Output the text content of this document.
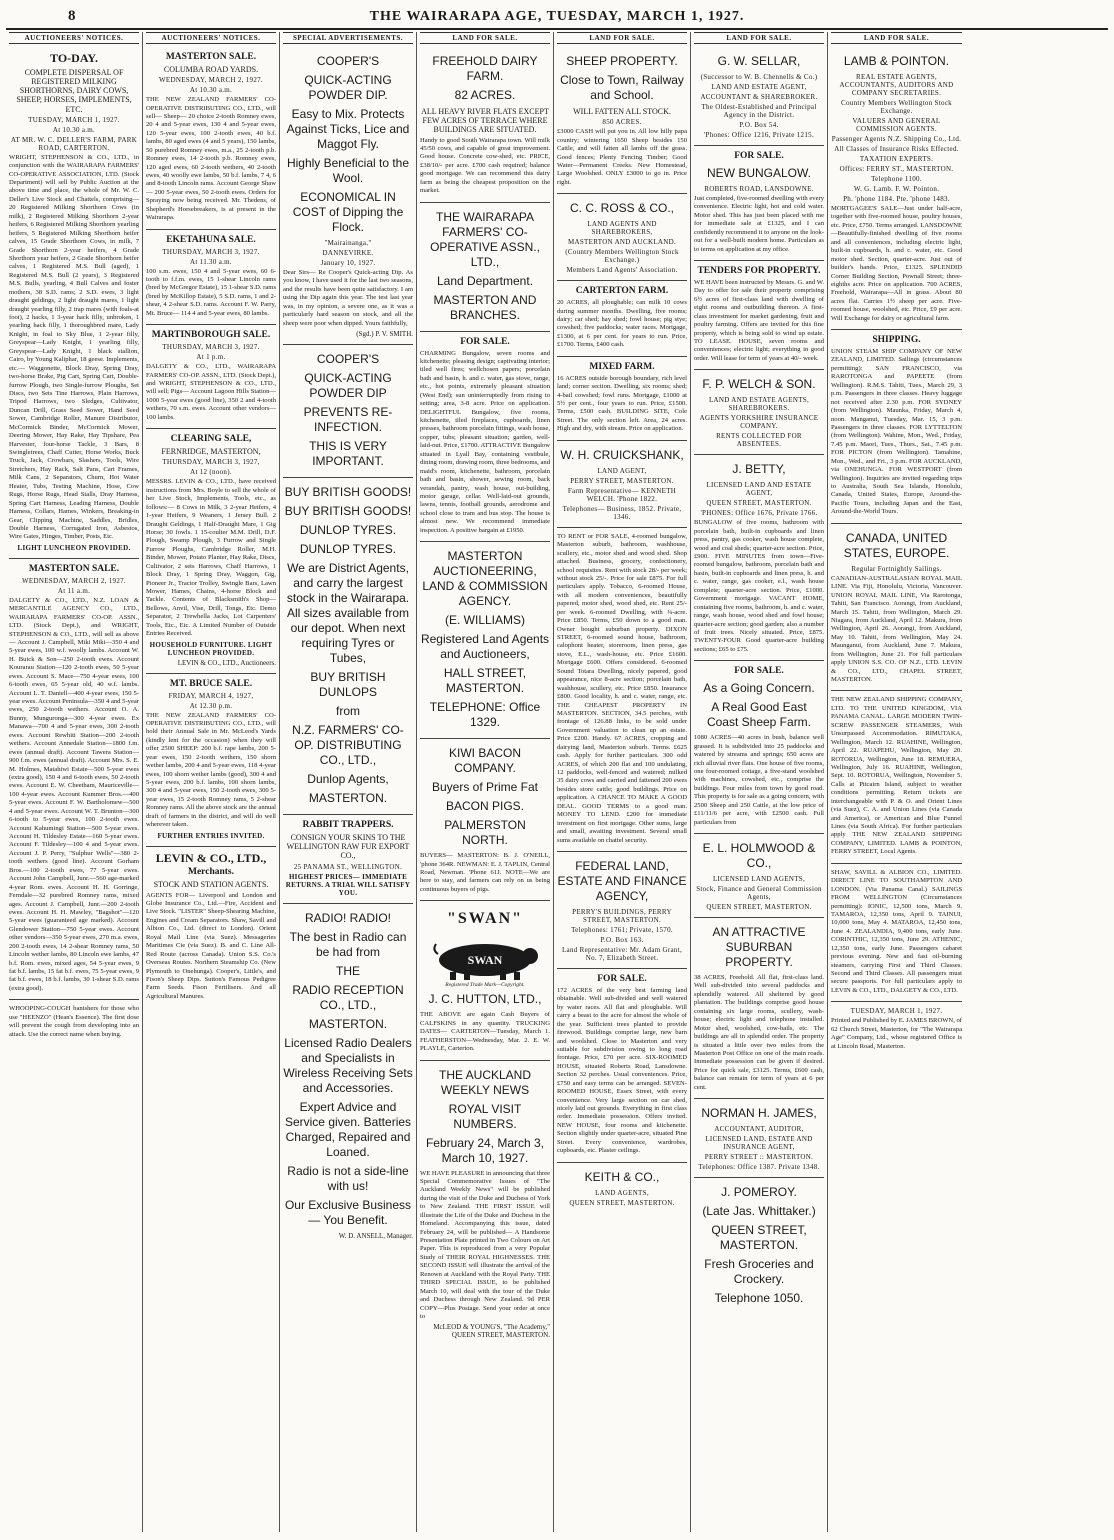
8	THE WAIRARAPA AGE, TUESDAY, MARCH 1, 1927.
AUCTIONEERS' NOTICES.
TO-DAY.
COMPLETE DISPERSAL OF REGISTERED MILKING SHORTHORNS, DAIRY COWS, SHEEP, HORSES, IMPLEMENTS, ETC.
TUESDAY, MARCH 1, 1927.
At 10.30 a.m.
AT MR. W. C. DELLER'S FARM, PARK ROAD, CARTERTON.
WRIGHT, STEPHENSON & CO., LTD., in conjunction with the WAIRARAPA FARMERS' CO-OPERATIVE ASSOCIATION, LTD. (Stock Department) will sell by Public Auction at the above time and place, the whole of Mr. W. C. Deller's Live Stock and Chattels, comprising— 20 Registered Milking Shorthorn Cows (in milk), 2 Registered Milking Shorthorn 2-year heifers, 6 Registered Milking Shorthorn yearling heifers, 5 Registered Milking Shorthorn heifer calves, 15 Grade Shorthorn Cows, in milk, 7 Grade Shorthorn 2-year heifers, 4 Grade Shorthorn year heifers, 2 Grade Shorthorn heifer calves, 1 Registered M.S. Bull (aged), 1 Registered M.S. Bull (2 years), 3 Registered M.S. Bulls, yearling, 4 Bull Calves and foster mothers, 38 S.D. rams; 2 S.D. ewes, 3 light draught geldings, 2 light draught mares, 1 light draught yearling filly, 2 trap mares (with foals-at foot), 2 hacks, 1 3-year hack filly, unbroken, 1 yearling hack filly, 1 thoroughbred mare, Lady Knight, in foal to Sky Blue, 1 2-year filly, Greyspear—Lady Knight, 1 yearling filly, Greyspear—Lady Knight, 1 black stallion, Cairo, by Young Kaliphar, 18 geese. Implements, etc.— Waggonette, Block Dray, Spring Dray, two-horse Brake, Pig Cart, Spring Cart, Double-furrow Plough, two Single-furrow Ploughs, Set Discs, two Sets Tine Harrows, Plain Harrows, Tripod Harrows, two Sledges, Cultivator, Duncan Drill, Grass Seed Sower, Hand Seed Sower, Cambridge Roller, Manure Distributor, McCormick Binder, McCormick Mower, Deering Mower, Hay Rake, Hay Tipshare, Pea Harvester, four-horse Tackle, 3 Bars, 8 Swingletrees, Chaff Cutter, Horse Works, Buck Truck, Jack, Crowbars, Slashers, Tools, Wire Stretchers, Hay Rack, Salt Pans, Cart Frames, Milk Cans, 2 Separators, Churn, Hot Water Heater, Tubs, Testing Machine, Hose, Cow Rugs, Horse Rugs, Head Stalls, Dray Harness, Spring Cart Harness, Leading Harness, Double Harness, Collars, Hames, Winkers, Breaking-in Gear, Clipping Machine, Saddles, Bridles, Double Harness, Corrugated Iron, Asbestos, Wire Gates, Hinges, Timber, Posts, Etc.
LIGHT LUNCHEON PROVIDED.
MASTERTON SALE.
WEDNESDAY, MARCH 2, 1927.
At 11 a.m.
DALGETY & CO., LTD., N.Z. LOAN & MERCANTILE AGENCY CO., LTD., WAIRARAPA FARMERS' CO-OP. ASSN., LTD. (Stock Dept.), and WRIGHT, STEPHENSON & CO., LTD., will sell as above— Account J. Campbell, Miki Miki—350 4 and 5-year ewes, 100 w.f. woolly lambs. Account W. H. Buick & Son—250 2-tooth ewes. Account Kourarau Station—120 2-tooth ewes, 50 5-year ewes. Account S. Mace—750 4-year ewes, 100 6-tooth ewes, 65 5-year old, 40 w.f. lambs. Account L. T. Daniell—400 4-year ewes, 150 5-year ewes. Account Peninsula—350 4 and 5-year ewes, 250 2-tooth wethers. Account O. A. Bunny, Munguronga—300 4-year ewes. Ex Manawa—700 4 and 5-year ewes, 300 2-tooth ewes. Account Rewhiti Station—200 2-tooth wethers. Account Annedale Station—1800 f.m. ewes (annual draft). Account Tawera Station—900 f.m. ewes (annual draft). Account Mrs. S. E. M. Holmes, Matahiwi Estate—500 5-year ewes (extra good), 150 4 and 6-tooth ewes, 50 2-tooth ewes. Account E. W. Cheetham, Mauriceville—100 4-year ewes. Account Kummer Bros.—400 5-year ewes. Account F. W. Bartholomew—500 4 and 5-year ewes. Account W. T. Brunton—300 6-tooth to 5-year ewes, 100 2-tooth ewes. Account Kahumingi Station—500 5-year ewes. Account H. Tildesley Estate—160 5-year ewes. Account F. Tildesley—100 4 and 5-year ewes. Account J. P. Perry, "Sulphur Wells"—380 2-tooth wethers (good line). Account Gorham Bros.—100 2-tooth ewes, 77 5-year ewes. Account John Campbell, Junr.—560 age-marked 4-year Rom. ewes. Account H. H. Gorringe, Ferndale—32 purebred Romney rams, mixed ages. Account J. Campbell, Junr.—200 2-tooth ewes. Account H. H. Mawley, "Bagshot"—120 5-year ewes (guaranteed age marked). Account Glendower Station—750 5-year ewes. Account other vendors—350 5-year ewes, 270 m.a. ewes, 200 2-tooth ewes, 14 2-shear Romney rams, 50 Lincoln wether lambs, 80 Lincoln ewe lambs, 47 b.f. Rom. ewes, mixed ages, 54 5-year ewes, 9 fat b.f. lambs, 15 fat b.f. ewes, 75 5-year ewes, 9 fat b.f. ewes, 18 b.f. lambs, 30 1-shear S.D. rams (extra good).
WHOOPING-COUGH banishers for those who use "HEENZO" (Hean's Essence). The first dose will prevent the cough from developing into an attack. Use the correct name when buying.
AUCTIONEERS' NOTICES.
MASTERTON SALE.
COLUMBA ROAD YARDS.
WEDNESDAY, MARCH 2, 1927.
At 10.30 a.m.
THE NEW ZEALAND FARMERS' CO-OPERATIVE DISTRIBUTING CO., LTD., will sell— Sheep— 20 choice 2-tooth Romney ewes, 20 4 and 5-year ewes, 130 4 and 5-year ewes, 120 5-year ewes, 100 2-tooth ewes, 40 b.f. lambs, 80 aged ewes (4 and 5 years), 150 lambs, 50 purebred Romney ewes, m.a., 25 2-tooth p.b. Romney ewes, 14 2-tooth p.b. Romney ewes, 120 aged ewes, 60 2-tooth wethers, 40 2-tooth ewes, 40 woolly ewe lambs, 50 b.f. lambs, 7 4, 6 and 8-tooth Lincoln rams. Account George Shaw— 200 5-year ewes, 50 2-tooth ewes. Orders for Spraying now being received. Mr. Thedens, of Shepherd's Horsebreakers, is at present in the Wairarapa.
EKETAHUNA SALE.
THURSDAY, MARCH 3, 1927.
At 11.30 a.m.
100 s.m. ewes, 150 4 and 5-year ewes, 60 6-tooth to f.f.m. ewes, 15 1-shear Lincoln rams (bred by McGregor Estate), 15 1-shear S.D. rams (bred by McKillop Estate), 5 S.D. rams, 1 and 2-shear, 4 2-shear S.D. rams. Account F. W. Parry, Mt. Bruce— 114 4 and 5-year ewes, 80 lambs.
MARTINBOROUGH SALE.
THURSDAY, MARCH 3, 1927.
At 1 p.m.
DALGETY & CO., LTD., WAIRARAPA FARMERS' CO-OP. ASSN., LTD. (Stock Dept.), and WRIGHT, STEPHENSON & CO., LTD., will sell; Pigs— Account Lagoon Hills Station— 1000 5-year ewes (good line), 350 2 and 4-tooth wethers, 70 s.m. ewes. Account other vendors— 100 lambs.
CLEARING SALE,
FERNRIDGE, MASTERTON,
THURSDAY, MARCH 3, 1927,
At 12 (noon).
MESSRS. LEVIN & CO., LTD., have received instructions from Mrs. Boyle to sell the whole of her Live Stock, Implements, Tools, etc., as follows:— 8 Cows in Milk, 3 2-year Heifers, 4 1-year Heifers, 9 Weaners, 1 Jersey Bull. 2 Draught Geldings, 1 Half-Draught Mare, 1 Gig Horse; 30 fowls. 1 15-coulter M.M. Drill, D.F. Plough, Swamp Plough, 3 Furrow and Single Furrow Ploughs, Cambridge Roller, M.H. Binder, Mower, Potato Planter, Hay Rake, Discs, Cultivator, 2 sets Harrows, Chaff Harrows, 1 Block Dray, 1 Spring Dray, Waggon, Gig, Pioneer Jr., Tractor Trolley, Swingle Bars, Lawn Mower, Hames, Chains, 4-horse Block and Tackle. Contents of Blacksmith's Shop—Bellows, Anvil, Vise, Drill, Tongs, Etc. Demo Separator, 2 Trewhella Jacks, Lot Carpenters' Tools, Etc., Etc. A Limited Number of Outside Entries Received.
HOUSEHOLD FURNITURE. LIGHT LUNCHEON PROVIDED.
LEVIN & CO., LTD., Auctioneers.
MT. BRUCE SALE.
FRIDAY, MARCH 4, 1927,
At 12.30 p.m.
THE NEW ZEALAND FARMERS' CO-OPERATIVE DISTRIBUTING CO., LTD., will hold their Annual Sale in Mr. McLeod's Yards (kindly lent for the occasion) when they will offer 2500 SHEEP: 200 b.f. rape lambs, 200 5-year ewes, 150 2-tooth wethers, 150 shorn wether lambs, 200 4 and 5-year ewes, 118 4-year ewes, 100 shorn wether lambs (good), 300 4 and 5-year ewes, 200 b.f. lambs, 100 shorn lambs, 300 4 and 5-year ewes, 150 2-tooth ewes, 300 5-year ewes, 15 2-tooth Romney rams, 5 2-shear Romney rams. All the above stock are the annual draft of farmers in the district, and will do well wherever taken.
FURTHER ENTRIES INVITED.
LEVIN & CO., LTD.,
Merchants.
STOCK AND STATION AGENTS.
AGENTS FOR— Liverpool and London and Globe Insurance Co., Ltd.—Fire, Accident and Live Stock. "LISTER" Sheep-Shearing Machine, Engines and Cream Separators. Shaw, Savill and Albion Co., Ltd. (direct to London). Orient Royal Mail Line (via Suez). Messageries Maritimes Cie (via Suez). B. and C. Line All-Red Route (across Canada). Union S.S. Co.'s Overseas Routes. Northern Steamship Co. (New Plymouth to Onehunga). Cooper's, Little's, and Fison's Sheep Dips. Sutton's Famous Pedigree Farm Seeds. Fison Fertilisers. And all Agricultural Manures.
SPECIAL ADVERTISEMENTS.
COOPER'S
QUICK-ACTING POWDER DIP.
Easy to Mix. Protects Against Ticks, Lice and Maggot Fly.
Highly Beneficial to the Wool.
ECONOMICAL IN COST of Dipping the Flock.
"Mairainanga,"
DANNEVIRKE.
January 10, 1927.
Dear Sirs— Re Cooper's Quick-acting Dip. As you know, I have used it for the last two seasons, and the results have been quite satisfactory. I am using the Dip again this year. The test last year was, in my opinion, a severe one, as it was a particularly hard season on stock, and all the sheep were poor when dipped. Yours faithfully,
(Sgd.) P. V. SMITH.
COOPER'S
QUICK-ACTING POWDER DIP
PREVENTS RE-INFECTION.
THIS IS VERY IMPORTANT.
BUY BRITISH GOODS!
BUY BRITISH GOODS!
DUNLOP TYRES.
DUNLOP TYRES.
We are District Agents, and carry the largest stock in the Wairarapa. All sizes available from our depot. When next requiring Tyres or Tubes,
BUY BRITISH DUNLOPS
from
N.Z. FARMERS' CO-OP. DISTRIBUTING CO., LTD.,
Dunlop Agents,
MASTERTON.
RABBIT TRAPPERS.
CONSIGN YOUR SKINS TO THE WELLINGTON RAW FUR EXPORT CO.,
25 PANAMA ST., WELLINGTON.
HIGHEST PRICES— IMMEDIATE RETURNS. A TRIAL WILL SATISFY YOU.
RADIO! RADIO!
The best in Radio can be had from
THE
RADIO RECEPTION CO., LTD.,
MASTERTON.
Licensed Radio Dealers and Specialists in Wireless Receiving Sets and Accessories.
Expert Advice and Service given. Batteries Charged, Repaired and Loaned.
Radio is not a side-line with us!
Our Exclusive Business— You Benefit.
W. D. ANSELL, Manager.
LAND FOR SALE.
FREEHOLD DAIRY FARM.
82 ACRES.
ALL HEAVY RIVER FLATS EXCEPT FEW ACRES OF TERRACE WHERE BUILDINGS ARE SITUATED.
Handy to good South Wairarapa town. Will milk 45/50 cows, and capable of great improvement. Good house. Concrete cow-shed, etc. PRICE, £38/10/- per acre. £700 cash required; balance good mortgage. We can recommend this dairy farm as being the cheapest proposition on the market.
THE WAIRARAPA FARMERS' CO-OPERATIVE ASSN., LTD.,
Land Department.
MASTERTON AND BRANCHES.
FOR SALE.
CHARMING Bungalow, seven rooms and kitchenette; pleasing design; captivating interior; tiled well fires; wellchosen papers; porcelain bath and basin, h. and c. water, gas stove, range, etc., hot points, extremely pleasant situation (West End); sun uninterruptedly from rising to setting; area, 3-8 acre. Price on application. DELIGHTFUL Bungalow, five rooms, kitchenette, tiled fireplaces, cupboards, linen presses, bathroom porcelain fittings, wash house, copper, tubs; pleasant situation; garden, well-laid-out. Price, £1700. ATTRACTIVE Bungalow situated in Lyall Bay, containing vestibule, dining room, drawing room, three bedrooms, and maid's room, kitchenette, bathroom, porcelain bath and basin, shower, sewing room, back verandah, pantry, wash house, out-building, motor garage, cellar. Well-laid-out grounds, lawns, tennis, football grounds, aerodrome and school close to tram and bus stop. The house is almost new. We recommend immediate inspection. A positive bargain at £1950.
MASTERTON AUCTIONEERING, LAND & COMMISSION AGENCY.
(E. WILLIAMS)
Registered Land Agents and Auctioneers,
HALL STREET, MASTERTON.
TELEPHONE: Office 1329.
KIWI BACON COMPANY.
Buyers of Prime Fat
BACON PIGS.
PALMERSTON NORTH.
BUYERS— MASTERTON: B. J. O'NEILL, 'phone 364R. NEWMAN: E. J. TAPLIN, Central Road, Newman. 'Phone 61J. NOTE—We are here to stay, and farmers can rely on us being continuous buyers of pigs.
"SWAN"
Registered Trade Mark—Copyright.
J. C. HUTTON, LTD.,
THE ABOVE are again Cash Buyers of CALFSKINS in any quantity. TRUCKING DATES— CARTERTON—Tuesday, March 1. FEATHERSTON—Wednesday, Mar. 2. E. W. PLAYLE, Carterton.
THE AUCKLAND WEEKLY NEWS
ROYAL VISIT NUMBERS.
February 24, March 3, March 10, 1927.
WE HAVE PLEASURE in announcing that three Special Commemorative Issues of "The Auckland Weekly News" will be published during the visit of the Duke and Duchess of York to New Zealand. THE FIRST ISSUE will illustrate the Life of the Duke and Duchess in the Homeland. Accompanying this issue, dated February 24, will be published— A Handsome Presentation Plate printed in Two Colours on Art Paper. This is reproduced from a very Popular Study of THEIR ROYAL HIGHNESSES. THE SECOND ISSUE will illustrate the arrival of the Renown at Auckland with the Royal Party. THE THIRD SPECIAL ISSUE, to be published March 10, will deal with the tour of the Duke and Duchess through New Zealand. 9d PER COPY—Plus Postage. Send your order at once to
McLEOD & YOUNG'S, "The Academy," QUEEN STREET, MASTERTON.
LAND FOR SALE.
SHEEP PROPERTY.
Close to Town, Railway and School.
WILL FATTEN ALL STOCK.
850 ACRES.
£3000 CASH will put you in. All low hilly papa country; wintering 1650 Sheep besides 150 Cattle, and will fatten all lambs off the grass. Good fences; Plenty Fencing Timber; Good Water—Permanent Creeks. New Homestead, Large Woolshed. ONLY £3000 to go in. Price right.
C. C. ROSS & CO.,
LAND AGENTS AND SHAREBROKERS,
MASTERTON AND AUCKLAND.
(Country Members Wellington Stock Exchange.)
Members Land Agents' Association.
CARTERTON FARM.
20 ACRES, all ploughable; can milk 10 cows during summer months. Dwelling, five rooms; dairy; car shed; hay shed; fowl house; pig stye; cowshed; five paddocks; water races. Mortgage, £1300, at 6 per cent. for years to run. Price, £1700. Terms, £400 cash.
MIXED FARM.
16 ACRES outside borough boundary, rich level land; corner section. Dwelling, six rooms; shed; 4-bail cowshed; fowl runs. Mortgage, £1000 at 5½ per cent., four years to run. Price, £1500. Terms, £500 cash. BUILDING SITE, Cole Street. The only section left. Area, 24 acres. High and dry, with stream. Price on application.
W. H. CRUICKSHANK,
LAND AGENT,
PERRY STREET, MASTERTON.
Farm Representative— KENNETH WELCH. 'Phone 1822.
Telephones— Business, 1852. Private, 1346.
TO RENT or FOR SALE, 4-roomed bungalow, Masterton suburb, bathroom, washhouse, scullery, etc., motor shed and wood shed. Shop attached. Business, grocery, confectionery, school requisites. Rent with stock 28/- per week; without stock 25/-. Price for sale £875. For full particulars apply. Tobacco, 6-roomed House, with all modern conveniences, beautifully papered, motor shed, wood shed, etc. Rent 25/- per week. 6-roomed Dwelling, with ¼-acre. Price £850. Terms, £50 down to a good man. Owner bought suburban property. DIXON STREET, 6-roomed sound house, bathroom, calophont heater, storeroom, linen press, gas stove, E.L., wash-house, etc. Price £1600. Mortgage £600. Offers considered. 6-roomed Sound Totara Dwelling, nicely papered, good appearance, nice 8-acre section; porcelain bath, washhouse, scullery, etc. Price £850. Insurance £800. Good locality, h. and c. water, range, etc. THE CHEAPEST PROPERTY IN MASTERTON. SECTION, 34.5 perches, with frontage of 126.88 links, to be sold under Government valuation to clean up an estate. Price £200. Handy. 67 ACRES, cropping and dairying land, Masterton suburb. Terms. £625 cash. Apply for further particulars. 300 odd ACRES, of which 200 flat and 100 undulating, 12 paddocks, well-fenced and watered; milked 35 dairy cows and carried and fattened 200 ewes besides store cattle; good buildings. Price on application. A CHANCE TO MAKE A GOOD DEAL. GOOD TERMS to a good man. MONEY TO LEND. £200 for immediate investment on first mortgage. Other sums, large and small, awaiting investment. Several small sums available on chattel security.
FEDERAL LAND, ESTATE AND FINANCE AGENCY,
PERRY'S BUILDINGS, PERRY STREET, MASTERTON.
Telephones: 1761; Private, 1570.
P.O. Box 163.
Land Representative: Mr. Adam Grant, No. 7, Elizabeth Street.
FOR SALE.
172 ACRES of the very best farming land obtainable. Well sub-divided and well watered by water races. All flat and ploughable. Will carry a beast to the acre for almost the whole of the year. Sufficient trees planted to provide firewood. Buildings comprise large, new barn and woolshed. Close to Masterton and very suitable for subdivision owing to long road frontage. Price, £70 per acre. SIX-ROOMED HOUSE, situated Roberts Road, Lansdowne. Section 32 perches. Usual conveniences. Price, £750 and easy terms can be arranged. SEVEN-ROOMED HOUSE, Essex Street, with every convenience. Very large section on car shed, nicely laid out grounds. Everything in first class order. Immediate possession. Offers invited. NEW HOUSE, four rooms and kitchenette. Section slightly under quarter-acre, situated Pine Street. Every convenience, wardrobes, cupboards, etc. Plaster ceilings.
KEITH & CO.,
LAND AGENTS,
QUEEN STREET, MASTERTON.
LAND FOR SALE.
G. W. SELLAR,
(Successor to W. B. Chennells & Co.)
LAND AND ESTATE AGENT,
ACCOUNTANT & SHAREBROKER.
The Oldest-Established and Principal Agency in the District.
P.O. Box 54.
'Phones: Office 1216, Private 1215.
FOR SALE.
NEW BUNGALOW.
ROBERTS ROAD, LANSDOWNE.
Just completed, five-roomed dwelling with every convenience. Electric light, hot and cold water. Motor shed. This has just been placed with me for immediate sale at £1325, and I can confidently recommend it to anyone on the look-out for a well-built modern home. Particulars as to terms on application at my office.
TENDERS FOR PROPERTY.
WE HAVE been instructed by Messrs. G. and W. Day to offer for sale their property comprising 6½ acres of first-class land with dwelling of eight rooms and outbuilding thereon. A first-class investment for market gardening, fruit and poultry farming. Offers are invited for this fine property, which is being sold to wind up estate. TO LEASE. HOUSE, seven rooms and conveniences; electric light; everything in good order. Will lease for term of years at 40/- week.
F. P. WELCH & SON.
LAND AND ESTATE AGENTS, SHAREBROKERS.
AGENTS YORKSHIRE INSURANCE COMPANY.
RENTS COLLECTED FOR ABSENTEES.
J. BETTY,
LICENSED LAND AND ESTATE AGENT,
QUEEN STREET, MASTERTON.
'PHONES: Office 1676, Private 1766.
BUNGALOW of five rooms, bathroom with porcelain bath, built-in cupboards and linen press, pantry, gas cooker, wash house complete, wood and coal sheds; quarter-acre section. Price, £900. FIVE MINUTES from town—Five-roomed bungalow, bathroom, porcelain bath and basin, built-in cupboards and linen press, h. and c. water, range, gas cooker, e.l., wash house complete; quarter-acre section. Price, £1000. Government mortgage. VACANT HOME, containing five rooms, bathroom, h. and c. water, range, wash house, wood shed and fowl house; quarter-acre section; good garden; also a number of fruit trees. Nicely situated. Price, £875. TWENTY-FOUR Good quarter-acre building sections; £65 to £75.
FOR SALE.
As a Going Concern.
A Real Good East Coast Sheep Farm.
1080 ACRES—40 acres in bush, balance well grassed. It is subdivided into 25 paddocks and watered by streams and springs; 650 acres are rich alluvial river flats. One house of five rooms, one four-roomed cottage, a five-stand woolshed with machines, cowshed, etc., comprise the buildings. Four miles from town by good road. This property is for sale as a going concern, with 2500 Sheep and 250 Cattle, at the low price of £11/11/6 per acre, with £2500 cash. Full particulars from
E. L. HOLMWOOD & CO.,
LICENSED LAND AGENTS,
Stock, Finance and General Commission Agents,
QUEEN STREET, MASTERTON.
AN ATTRACTIVE SUBURBAN PROPERTY.
38 ACRES, Freehold. All flat, first-class land. Well sub-divided into several paddocks and splendidly watered. All sheltered by good plantation. The buildings comprise good house containing six large rooms, scullery, wash-house; electric light and telephone installed. Motor shed, woolshed, cow-bails, etc. The buildings are all in splendid order. The property is situated a little over two miles from the Masterton Post Office on one of the main roads. Immediate possession can be given if desired. Price for quick sale, £3125. Terms, £600 cash, balance can remain for term of years at 6 per cent.
NORMAN H. JAMES,
ACCOUNTANT, AUDITOR,
LICENSED LAND, ESTATE AND INSURANCE AGENT,
PERRY STREET :: MASTERTON.
Telephones: Office 1387. Private 1348.
J. POMEROY.
(Late Jas. Whittaker.)
QUEEN STREET, MASTERTON.
Fresh Groceries and Crockery.
Telephone 1050.
LAND FOR SALE.
LAMB & POINTON.
REAL ESTATE AGENTS, ACCOUNTANTS, AUDITORS AND COMPANY SECRETARIES.
Country Members Wellington Stock Exchange.
VALUERS AND GENERAL COMMISSION AGENTS.
Passenger Agents N.Z. Shipping Co., Ltd.
All Classes of Insurance Risks Effected.
TAXATION EXPERTS.
Offices: FERRY ST., MASTERTON.
Telephone 1100.
W. G. Lamb. F. W. Pointon.
Ph. 'phone 1184. Pte. 'phone 1483.
MORTGAGEE'S SALE—Just under half-acre, together with five-roomed house, poultry houses, etc. Price, £750. Terms arranged. LANSDOWNE—Beautifully-finished dwelling of five rooms and all conveniences, including electric light, built-in cupboards, h. and c. water, etc. Good motor shed. Section, quarter-acre. Just out of builder's hands. Price, £1325. SPLENDID Corner Building Section, Pownall Street; three-eighths acre. Price on application. 700 ACRES, Freehold, Wairarapa—All in grass. About 80 acres flat. Carries 1½ sheep per acre. Five-roomed house, woolshed, etc. Price, £9 per acre. Will Exchange for dairy or agricultural farm.
SHIPPING.
UNION STEAM SHIP COMPANY OF NEW ZEALAND, LIMITED. Sailings (circumstances permitting): SAN FRANCISCO, via RAROTONGA and PAPEETE (from Wellington). R.M.S. Tahiti, Tues., March 29, 3 p.m. Passengers in three classes. Heavy luggage not received after 2.30 p.m. FOR SYDNEY (from Wellington). Maunka, Friday, March 4, noon. Manganui, Tuesday, Mar. 15, 3 p.m. Passengers in three classes. FOR LYTTELTON (from Wellington). Wahine, Mon., Wed., Friday, 7.45 p.m. Maori, Tues., Thurs., Sat., 7.45 p.m. FOR PICTON (from Wellington). Tamahine, Mon., Wed., and Fri., 3 p.m. FOR AUCKLAND, via ONEHUNGA. FOR WESTPORT (from Wellington). Inquiries are invited regarding trips to Australia, South Sea Islands, Honolulu, Canada, United States, Europe, Around-the-Pacific Tours, including Japan and the East, Around-the-World Tours.
CANADA, UNITED STATES, EUROPE.
Regular Fortnightly Sailings.
CANADIAN-AUSTRALASIAN ROYAL MAIL LINE. Via Fiji, Honolulu, Victoria, Vancouver. UNION ROYAL MAIL LINE, Via Rarotonga, Tahiti, San Francisco. Aorangi, from Auckland, March 15. Tahiti, from Wellington, March 29. Niagara, from Auckland, April 12. Makura, from Wellington, April 26. Aorangi, from Auckland, May 10. Tahiti, from Wellington, May 24. Maunganui, from Auckland, June 7. Makura, from Wellington, June 21. For full particulars apply UNION S.S. CO. OF N.Z., LTD. LEVIN & CO., LTD., CHAPEL STREET, MASTERTON.
THE NEW ZEALAND SHIPPING COMPANY, LTD. TO THE UNITED KINGDOM, VIA PANAMA CANAL. LARGE MODERN TWIN-SCREW PASSENGER STEAMERS, With Unsurpassed Accommodation. RIMUTAKA, Wellington, March 12. RUAHINE, Wellington, April 22. RUAPEHU, Wellington, May 20. ROTORUA, Wellington, June 18. REMUERA, Wellington, July 16. RUAHINE, Wellington, Sept. 10. ROTORUA, Wellington, November 5. Calls at Pitcairn Island, subject to weather conditions permitting. Return tickets are interchangeable with P. & O. and Orient Lines (via Suez), C. A. and Union Lines (via Canada and America), or American and Blue Funnel Lines (via South Africa). For further particulars apply THE NEW ZEALAND SHIPPING COMPANY, LIMITED. LAMB & POINTON, FERRY STREET, Local Agents.
SHAW, SAVILL & ALBION CO., LIMITED. DIRECT LINE TO SOUTHAMPTON AND LONDON. (Via Panama Canal.) SAILINGS FROM WELLINGTON (Circumstances permitting): IONIC, 12,500 tons, March 9. TAMAROA, 12,350 tons, April 9. TAINUI, 10,000 tons, May 4. MATAROA, 12,450 tons, June 4. ZEALANDIA, 9,400 tons, early June. CORINTHIC, 12,350 tons, June 29. ATHENIC, 12,350 tons, early June. Passengers cabaret previous evening. New and fast oil-burning steamers, carrying First and Third Classes. Second and Third Classes. All passengers must secure passports. For full particulars apply to LEVIN & CO., LTD., DALGETY & CO., LTD.
TUESDAY, MARCH 1, 1927.
Printed and Published by E. JAMES BROWN, of 62 Church Street, Masterton, for "The Wairarapa Age" Company, Ltd., whose registered Office is at Lincoln Road, Masterton.
